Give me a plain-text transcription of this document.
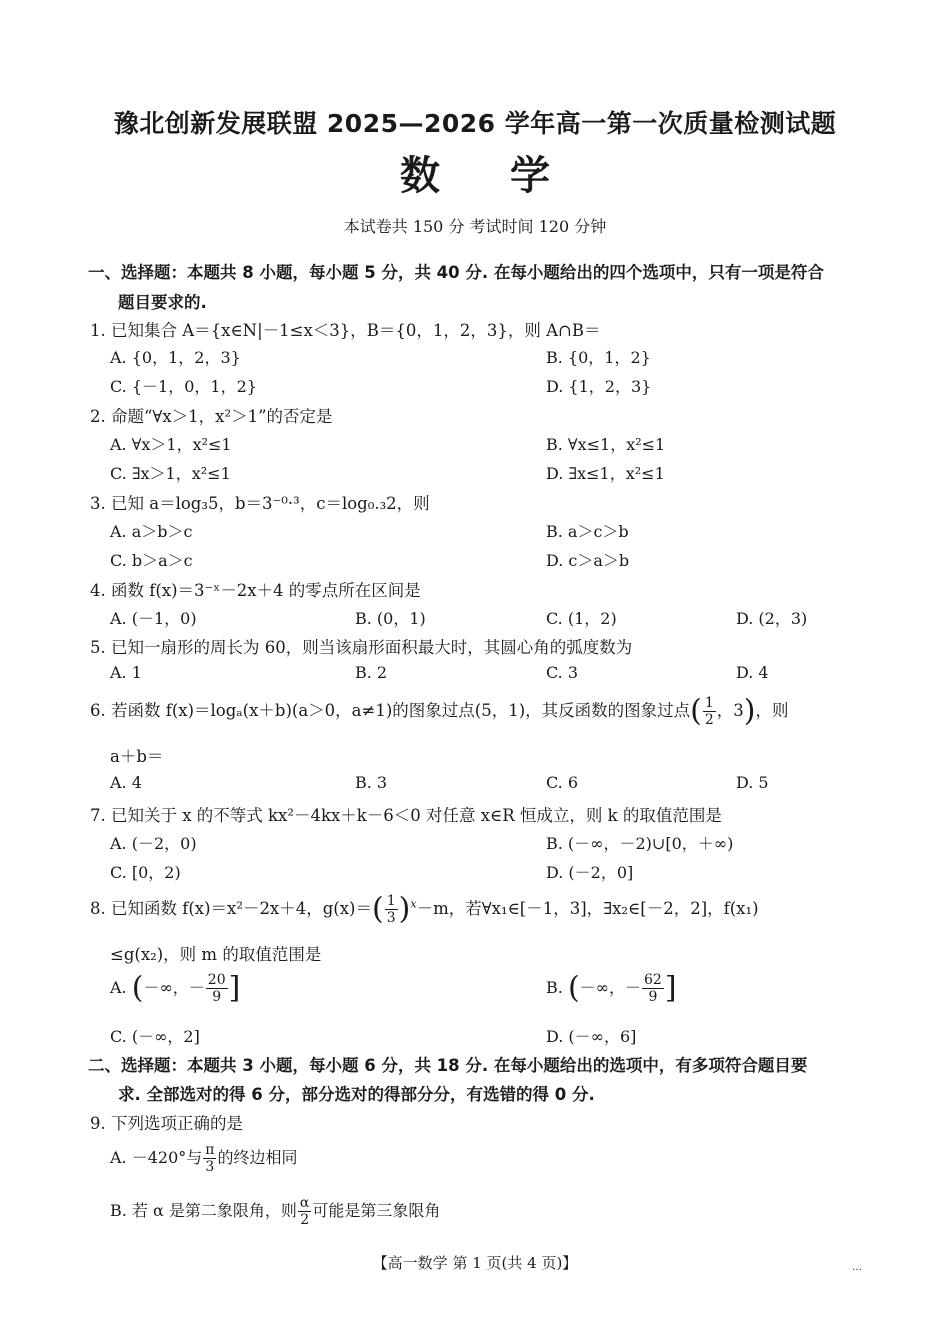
豫北创新发展联盟 2025—2026 学年高一第一次质量检测试题
数学
本试卷共 150 分 考试时间 120 分钟
一、选择题：本题共 8 小题，每小题 5 分，共 40 分. 在每小题给出的四个选项中，只有一项是符合
题目要求的.
1. 已知集合 A＝{x∈N|－1≤x＜3}，B＝{0，1，2，3}，则 A∩B＝
A. {0，1，2，3}	B. {0，1，2}
C. {－1，0，1，2}	D. {1，2，3}
2. 命题“∀x＞1，x²＞1”的否定是
A. ∀x＞1，x²≤1	B. ∀x≤1，x²≤1
C. ∃x＞1，x²≤1	D. ∃x≤1，x²≤1
3. 已知 a＝log₃5，b＝3⁻⁰·³，c＝log₀.₃2，则
A. a＞b＞c	B. a＞c＞b
C. b＞a＞c	D. c＞a＞b
4. 函数 f(x)＝3⁻ˣ－2x＋4 的零点所在区间是
A. (－1，0)	B. (0，1)	C. (1，2)	D. (2，3)
5. 已知一扇形的周长为 60，则当该扇形面积最大时，其圆心角的弧度数为
A. 1	B. 2	C. 3	D. 4
6. 若函数 f(x)＝logₐ(x＋b)(a＞0，a≠1)的图象过点(5，1)，其反函数的图象过点( $\frac{1}{2}$ ，3)，则
a＋b＝
A. 4	B. 3	C. 6	D. 5
7. 已知关于 x 的不等式 kx²－4kx＋k－6＜0 对任意 x∈R 恒成立，则 k 的取值范围是
A. (－2，0)	B. (－∞，－2)∪[0，＋∞)
C. [0，2)	D. (－2，0]
8. 已知函数 f(x)＝x²－2x＋4，$g(x)=( \frac{1}{3} )^x-m$，若∀x₁∈[－1，3]，∃x₂∈[－2，2]，f(x₁)
≤g(x₂)，则 m 的取值范围是
A. (－∞，－ $\frac{20}{9}$ ]	B. (－∞，－ $\frac{62}{9}$ ]
C. (－∞，2]	D. (－∞，6]
二、选择题：本题共 3 小题，每小题 6 分，共 18 分. 在每小题给出的选项中，有多项符合题目要
求. 全部选对的得 6 分，部分选对的得部分分，有选错的得 0 分.
9. 下列选项正确的是
A. －420°与 $\frac{\pi}{3}$ 的终边相同
B. 若 α 是第二象限角，则 $\frac{\alpha}{2}$ 可能是第三象限角
【高一数学 第 1 页(共 4 页)】	…
